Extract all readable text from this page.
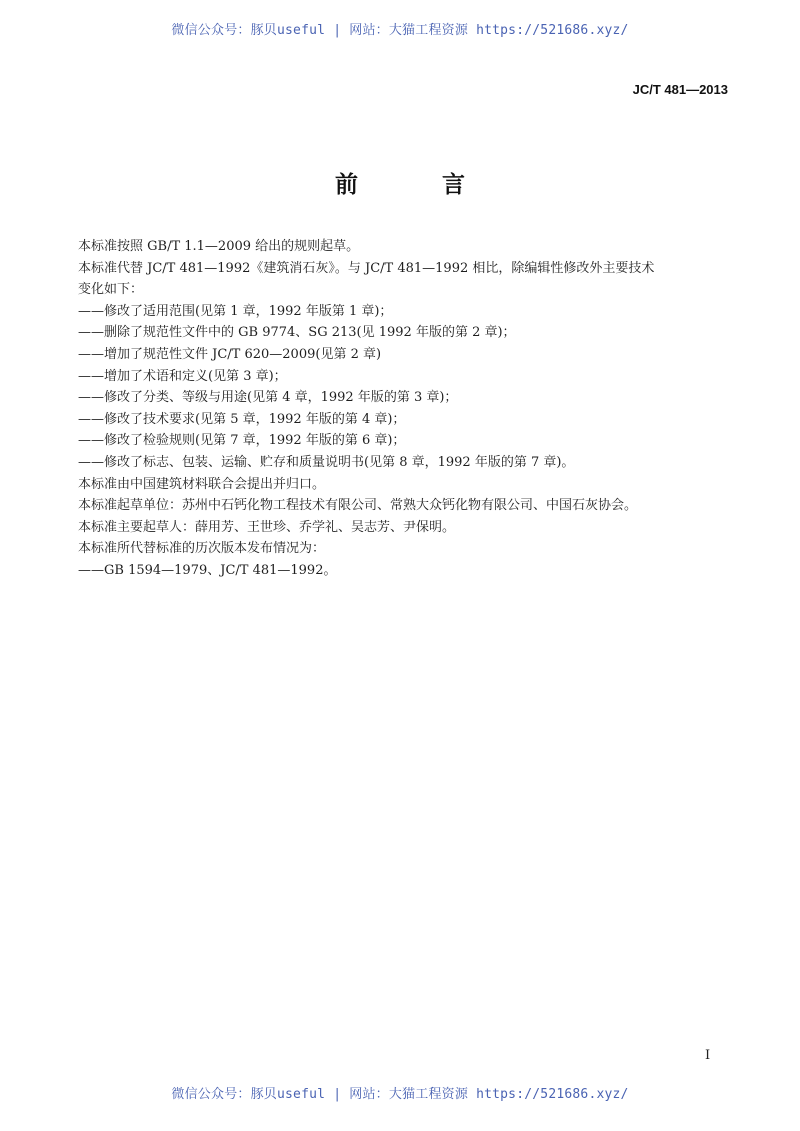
微信公众号：豚贝useful | 网站：大猫工程资源 https://521686.xyz/
JC/T 481—2013
前 言

本标准按照 GB/T 1.1—2009 给出的规则起草。

本标准代替 JC/T 481—1992《建筑消石灰》。与 JC/T 481—1992 相比，除编辑性修改外主要技术

变化如下：

——修改了适用范围(见第 1 章，1992 年版第 1 章)；

——删除了规范性文件中的 GB 9774、SG 213(见 1992 年版的第 2 章)；

——增加了规范性文件 JC/T 620—2009(见第 2 章)

——增加了术语和定义(见第 3 章)；

——修改了分类、等级与用途(见第 4 章，1992 年版的第 3 章)；

——修改了技术要求(见第 5 章，1992 年版的第 4 章)；

——修改了检验规则(见第 7 章，1992 年版的第 6 章)；

——修改了标志、包装、运输、贮存和质量说明书(见第 8 章，1992 年版的第 7 章)。

本标准由中国建筑材料联合会提出并归口。

本标准起草单位：苏州中石钙化物工程技术有限公司、常熟大众钙化物有限公司、中国石灰协会。

本标准主要起草人：薛用芳、王世珍、乔学礼、吴志芳、尹保明。

本标准所代替标准的历次版本发布情况为：

——GB 1594—1979、JC/T 481—1992。

I
微信公众号：豚贝useful | 网站：大猫工程资源 https://521686.xyz/
